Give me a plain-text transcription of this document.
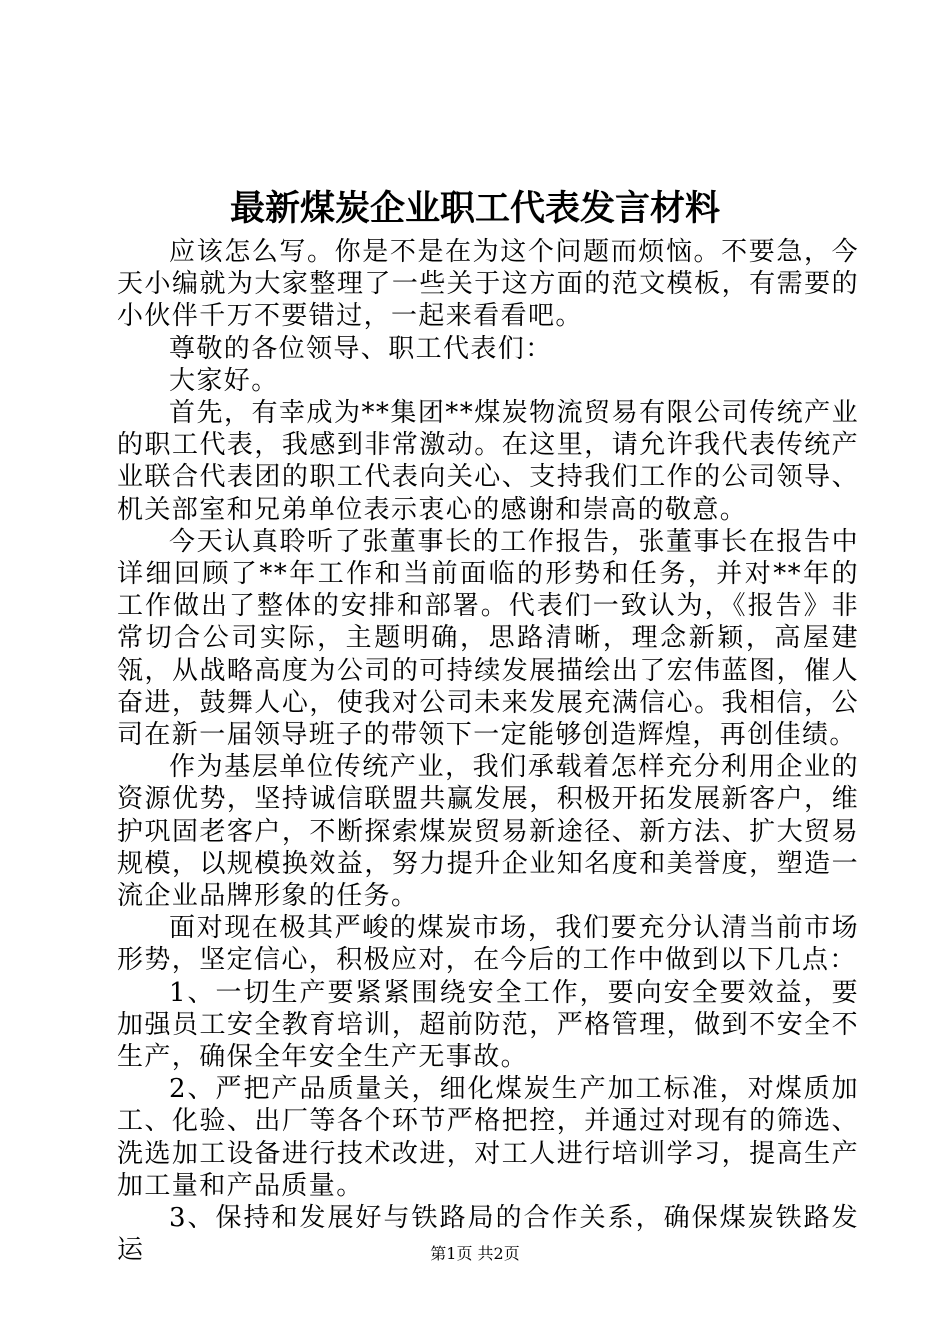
最新煤炭企业职工代表发言材料

应该怎么写。你是不是在为这个问题而烦恼。不要急，今天小编就为大家整理了一些关于这方面的范文模板，有需要的小伙伴千万不要错过，一起来看看吧。

尊敬的各位领导、职工代表们：

大家好。

首先，有幸成为**集团**煤炭物流贸易有限公司传统产业的职工代表，我感到非常激动。在这里，请允许我代表传统产业联合代表团的职工代表向关心、支持我们工作的公司领导、机关部室和兄弟单位表示衷心的感谢和崇高的敬意。

今天认真聆听了张董事长的工作报告，张董事长在报告中详细回顾了**年工作和当前面临的形势和任务，并对**年的工作做出了整体的安排和部署。代表们一致认为，《报告》非常切合公司实际，主题明确，思路清晰，理念新颖，高屋建瓴，从战略高度为公司的可持续发展描绘出了宏伟蓝图，催人奋进，鼓舞人心，使我对公司未来发展充满信心。我相信，公司在新一届领导班子的带领下一定能够创造辉煌，再创佳绩。

作为基层单位传统产业，我们承载着怎样充分利用企业的资源优势，坚持诚信联盟共赢发展，积极开拓发展新客户，维护巩固老客户，不断探索煤炭贸易新途径、新方法、扩大贸易规模，以规模换效益，努力提升企业知名度和美誉度，塑造一流企业品牌形象的任务。

面对现在极其严峻的煤炭市场，我们要充分认清当前市场形势，坚定信心，积极应对，在今后的工作中做到以下几点：

1、一切生产要紧紧围绕安全工作，要向安全要效益，要加强员工安全教育培训，超前防范，严格管理，做到不安全不生产，确保全年安全生产无事故。

2、严把产品质量关，细化煤炭生产加工标准，对煤质加工、化验、出厂等各个环节严格把控，并通过对现有的筛选、洗选加工设备进行技术改进，对工人进行培训学习，提高生产加工量和产品质量。

3、保持和发展好与铁路局的合作关系，确保煤炭铁路发运	第1页 共2页
